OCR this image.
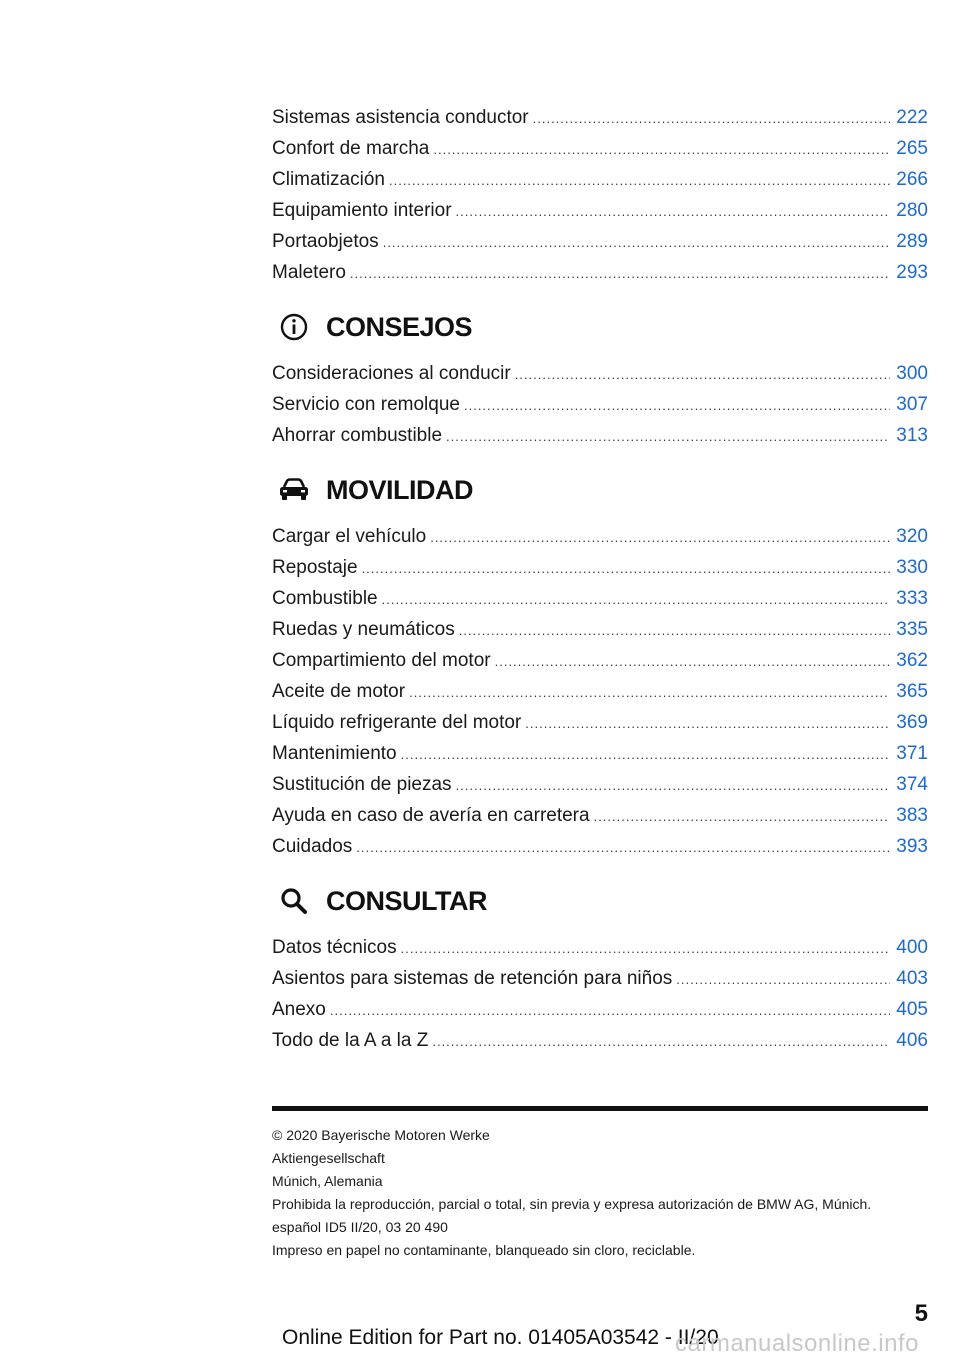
Sistemas asistencia conductor .....	222
Confort de marcha .....	265
Climatización .....	266
Equipamiento interior .....	280
Portaobjetos .....	289
Maletero .....	293
CONSEJOS
Consideraciones al conducir .....	300
Servicio con remolque .....	307
Ahorrar combustible .....	313
MOVILIDAD
Cargar el vehículo .....	320
Repostaje .....	330
Combustible .....	333
Ruedas y neumáticos .....	335
Compartimiento del motor .....	362
Aceite de motor .....	365
Líquido refrigerante del motor .....	369
Mantenimiento .....	371
Sustitución de piezas .....	374
Ayuda en caso de avería en carretera .....	383
Cuidados .....	393
CONSULTAR
Datos técnicos .....	400
Asientos para sistemas de retención para niños .....	403
Anexo .....	405
Todo de la A a la Z .....	406
© 2020 Bayerische Motoren Werke
Aktiengesellschaft
Múnich, Alemania
Prohibida la reproducción, parcial o total, sin previa y expresa autorización de BMW AG, Múnich.
español ID5 II/20, 03 20 490
Impreso en papel no contaminante, blanqueado sin cloro, reciclable.
5
Online Edition for Part no. 01405A03542 - II/20
carmanualsonline.info
